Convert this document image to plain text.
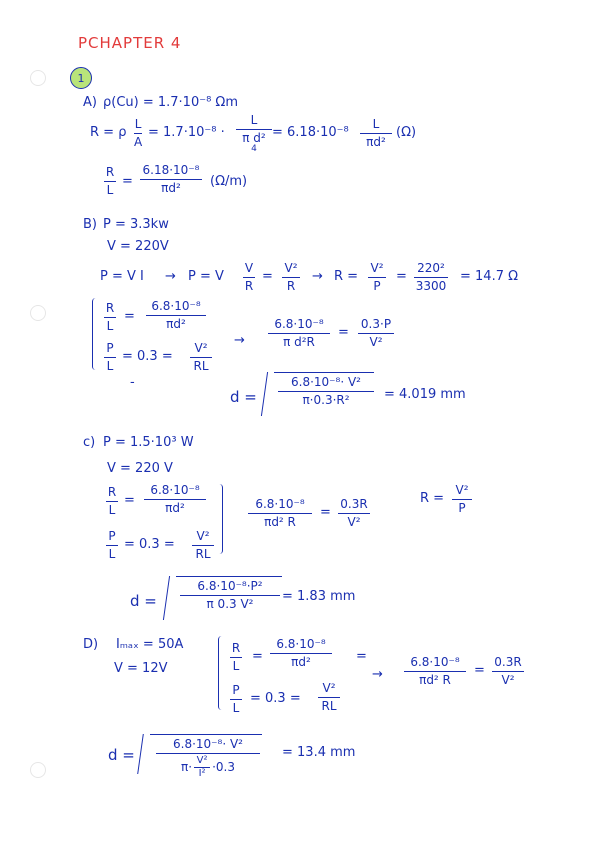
PCHAPTER 4
1
A) ρ(Cu) = 1.7·10⁻⁸ Ωm
R = ρ
L
A
= 1.7·10⁻⁸ ·
L
π d²
4
= 6.18·10⁻⁸
L
πd²
(Ω)
R
L
=
6.18·10⁻⁸
πd² (Ω/m)
B) P = 3.3kw
V = 220V
P = V I → P = V
V
R
=
V²
R
→ R =
V²
P
=
220²
3300
= 14.7 Ω
R
L
=
6.8·10⁻⁸
πd²
P
L
= 0.3 =
V²
RL
→
6.8·10⁻⁸
π d²R
=
0.3·P
V²
-
d =
6.8·10⁻⁸· V²
π·0.3·R²	= 4.019 mm
c) P = 1.5·10³ W
V = 220 V
R
L
=
6.8·10⁻⁸
πd²
P
L
= 0.3 =
V²
RL
6.8·10⁻⁸
πd² R
=
0.3R
V²
R =
V²
P
d =
6.8·10⁻⁸·P²
π 0.3 V²
= 1.83 mm
D) Iₘₐₓ = 50A
V = 12V
R
L
=
6.8·10⁻⁸
πd²	=
P
L
= 0.3 =
V²
RL
→
6.8·10⁻⁸
πd² R
=
0.3R
V²
d =
6.8·10⁻⁸· V²
π· V²
I² ·0.3
= 13.4 mm
